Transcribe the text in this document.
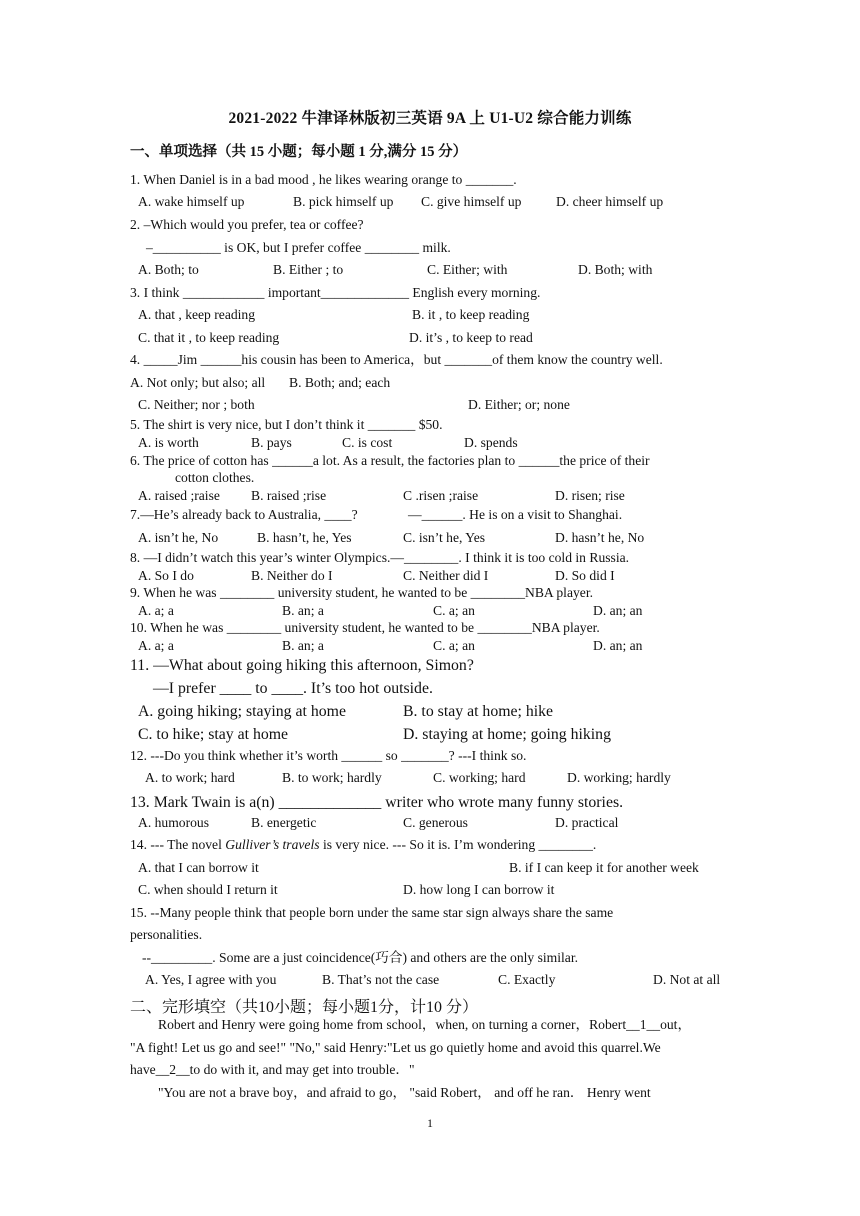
2021-2022 牛津译林版初三英语 9A 上 U1-U2 综合能力训练
一、单项选择（共 15 小题；每小题 1 分,满分 15 分）
1. When Daniel is in a bad mood , he likes wearing orange to _______.
A. wake himself up	B. pick himself up C. give himself up	D. cheer himself up
2. –Which would you prefer, tea or coffee?
–__________ is OK, but I prefer coffee ________ milk.
A. Both; to	B. Either ; to	C. Either; with	D. Both; with
3. I think ____________ important_____________ English every morning.
A. that , keep reading	B. it , to keep reading
C. that it , to keep reading	D. it’s , to keep to read
4. _____Jim ______his cousin has been to America，but _______of them know the country well.
A. Not only; but also; all B. Both; and; each
C. Neither; nor ; both	D. Either; or; none
5. The shirt is very nice, but I don’t think it _______ $50.
A. is worth	B. pays	C. is cost	D. spends
6. The price of cotton has ______a lot. As a result, the factories plan to ______the price of their
cotton clothes.
A. raised ;raise B. raised ;rise	C .risen ;raise	D. risen; rise
7.—He’s already back to Australia, ____?	—______. He is on a visit to Shanghai.
A. isn’t he, No	B. hasn’t, he, Yes	C. isn’t he, Yes	D. hasn’t he, No
8. —I didn’t watch this year’s winter Olympics.—________. I think it is too cold in Russia.
A. So I do	B. Neither do I	C. Neither did I	D. So did I
9. When he was ________ university student, he wanted to be ________NBA player.
A. a; a	B. an; a	C. a; an	D. an; an
10. When he was ________ university student, he wanted to be ________NBA player.
A. a; a	B. an; a	C. a; an	D. an; an
11. —What about going hiking this afternoon, Simon?
—I prefer ____ to ____. It’s too hot outside.
A. going hiking; staying at home	B. to stay at home; hike
C. to hike; stay at home	D. staying at home; going hiking
12. ---Do you think whether it’s worth ______ so _______? ---I think so.
A. to work; hard	B. to work; hardly	C. working; hard	D. working; hardly
13. Mark Twain is a(n) _____________ writer who wrote many funny stories.
A. humorous	B. energetic	C. generous	D. practical
14. --- The novel Gulliver’s travels is very nice. --- So it is. I’m wondering ________.
A. that I can borrow it	B. if I can keep it for another week
C. when should I return it	D. how long I can borrow it
15. --Many people think that people born under the same star sign always share the same
personalities.
--_________. Some are a just coincidence(巧合) and others are the only similar.
A. Yes, I agree with you	B. That’s not the case	C. Exactly	D. Not at all
二、完形填空（共10小题；每小题1分，计10 分）
Robert and Henry were going home from school，when, on turning a corner，Robert__1__out，
"A fight! Let us go and see!" "No," said Henry:"Let us go quietly home and avoid this quarrel.We
have__2__to do with it, and may get into trouble．"
"You are not a brave boy，and afraid to go， "said Robert， and off he ran． Henry went
1
